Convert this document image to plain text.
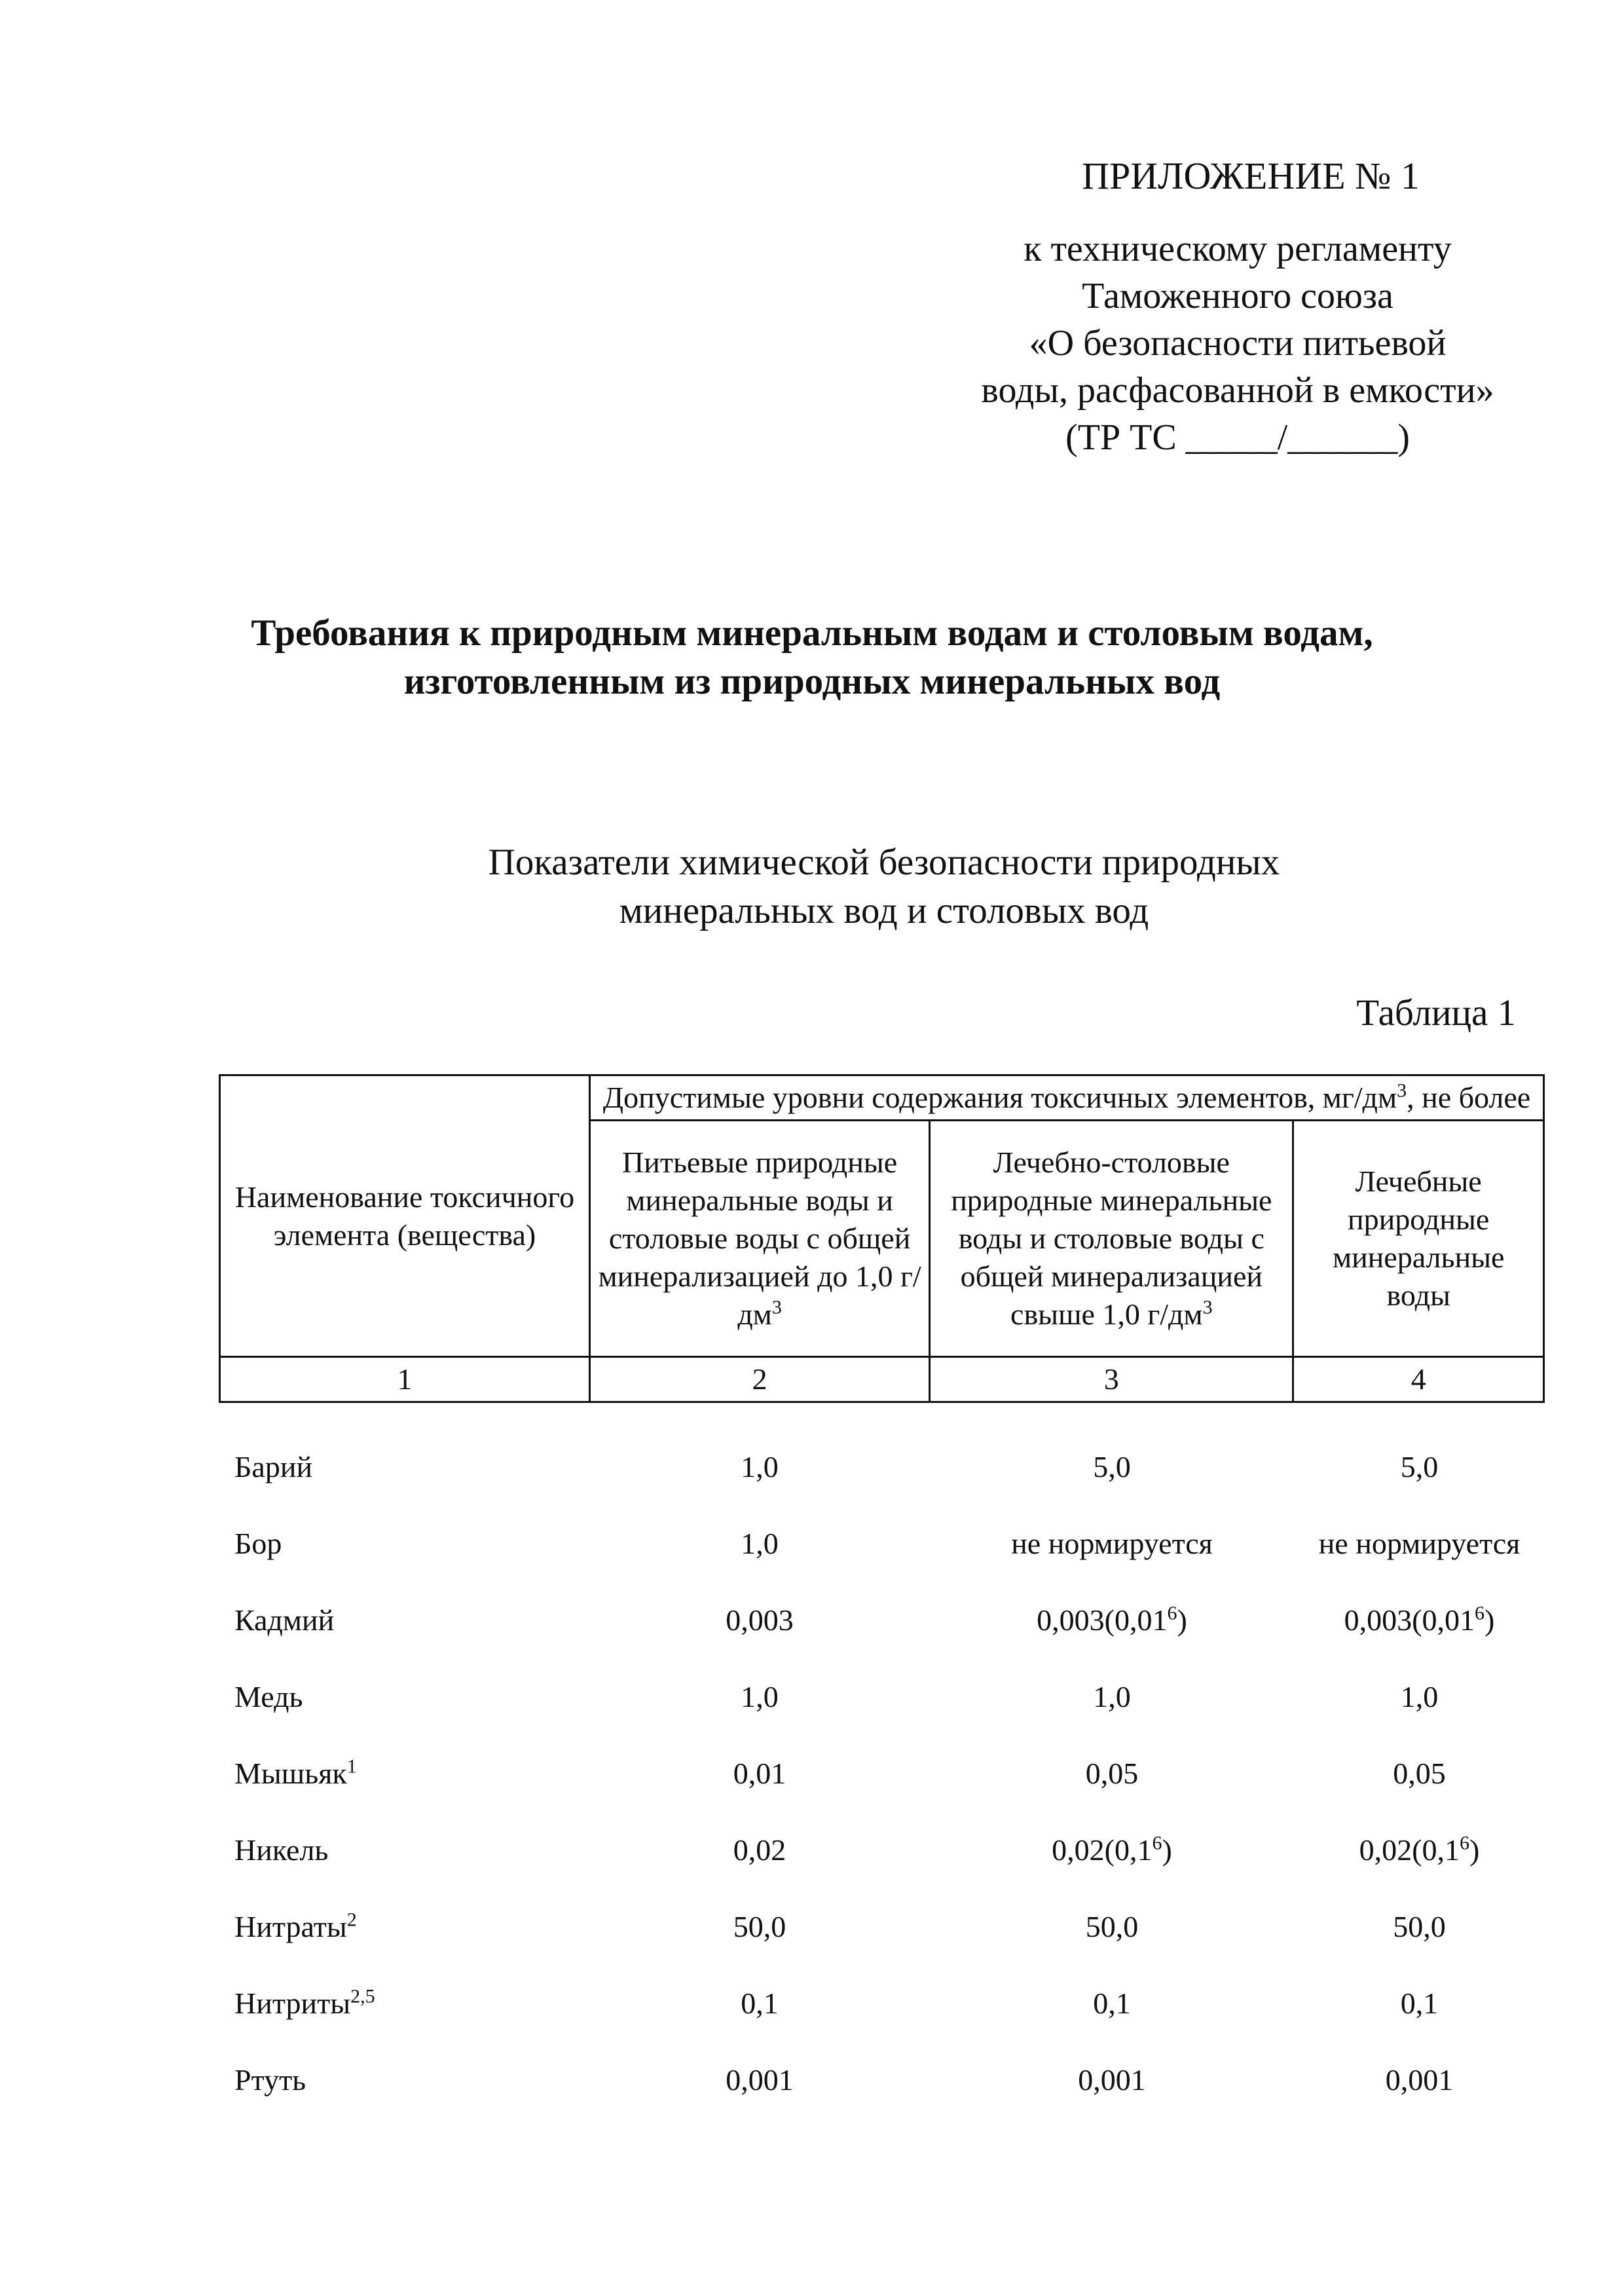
ПРИЛОЖЕНИЕ № 1
к техническому регламенту
Таможенного союза
«О безопасности питьевой
воды, расфасованной в емкости»
(ТР ТС _____/______)
Требования к природным минеральным водам и столовым водам,
изготовленным из природных минеральных вод
Показатели химической безопасности природных
минеральных вод и столовых вод
Таблица 1
Наименование токсичного элемента (вещества)	Допустимые уровни содержания токсичных элементов, $мг/дм^3$, не более		
	Питьевые природные минеральные воды и столовые воды с общей минерализацией до 1,0 $г/дм^3$	Лечебно-столовые природные минеральные воды и столовые воды с общей минерализацией свыше 1,0 $г/дм^3$	Лечебные природные минеральные воды
1	2	3	4
Барий	1,0	5,0	5,0
Бор	1,0	не нормируется	не нормируется
Кадмий	0,003	0,003(0,01$^6$)	0,003(0,01$^6$)
Медь	1,0	1,0	1,0
Мышьяк$^1$	0,01	0,05	0,05
Никель	0,02	$0,02(0,1^6)$	$0,02(0,1^6)$
Нитраты$^2$	50,0	50,0	50,0
Нитриты$^{2,5}$	0,1	0,1	0,1
Ртуть	0,001	0,001	0,001
